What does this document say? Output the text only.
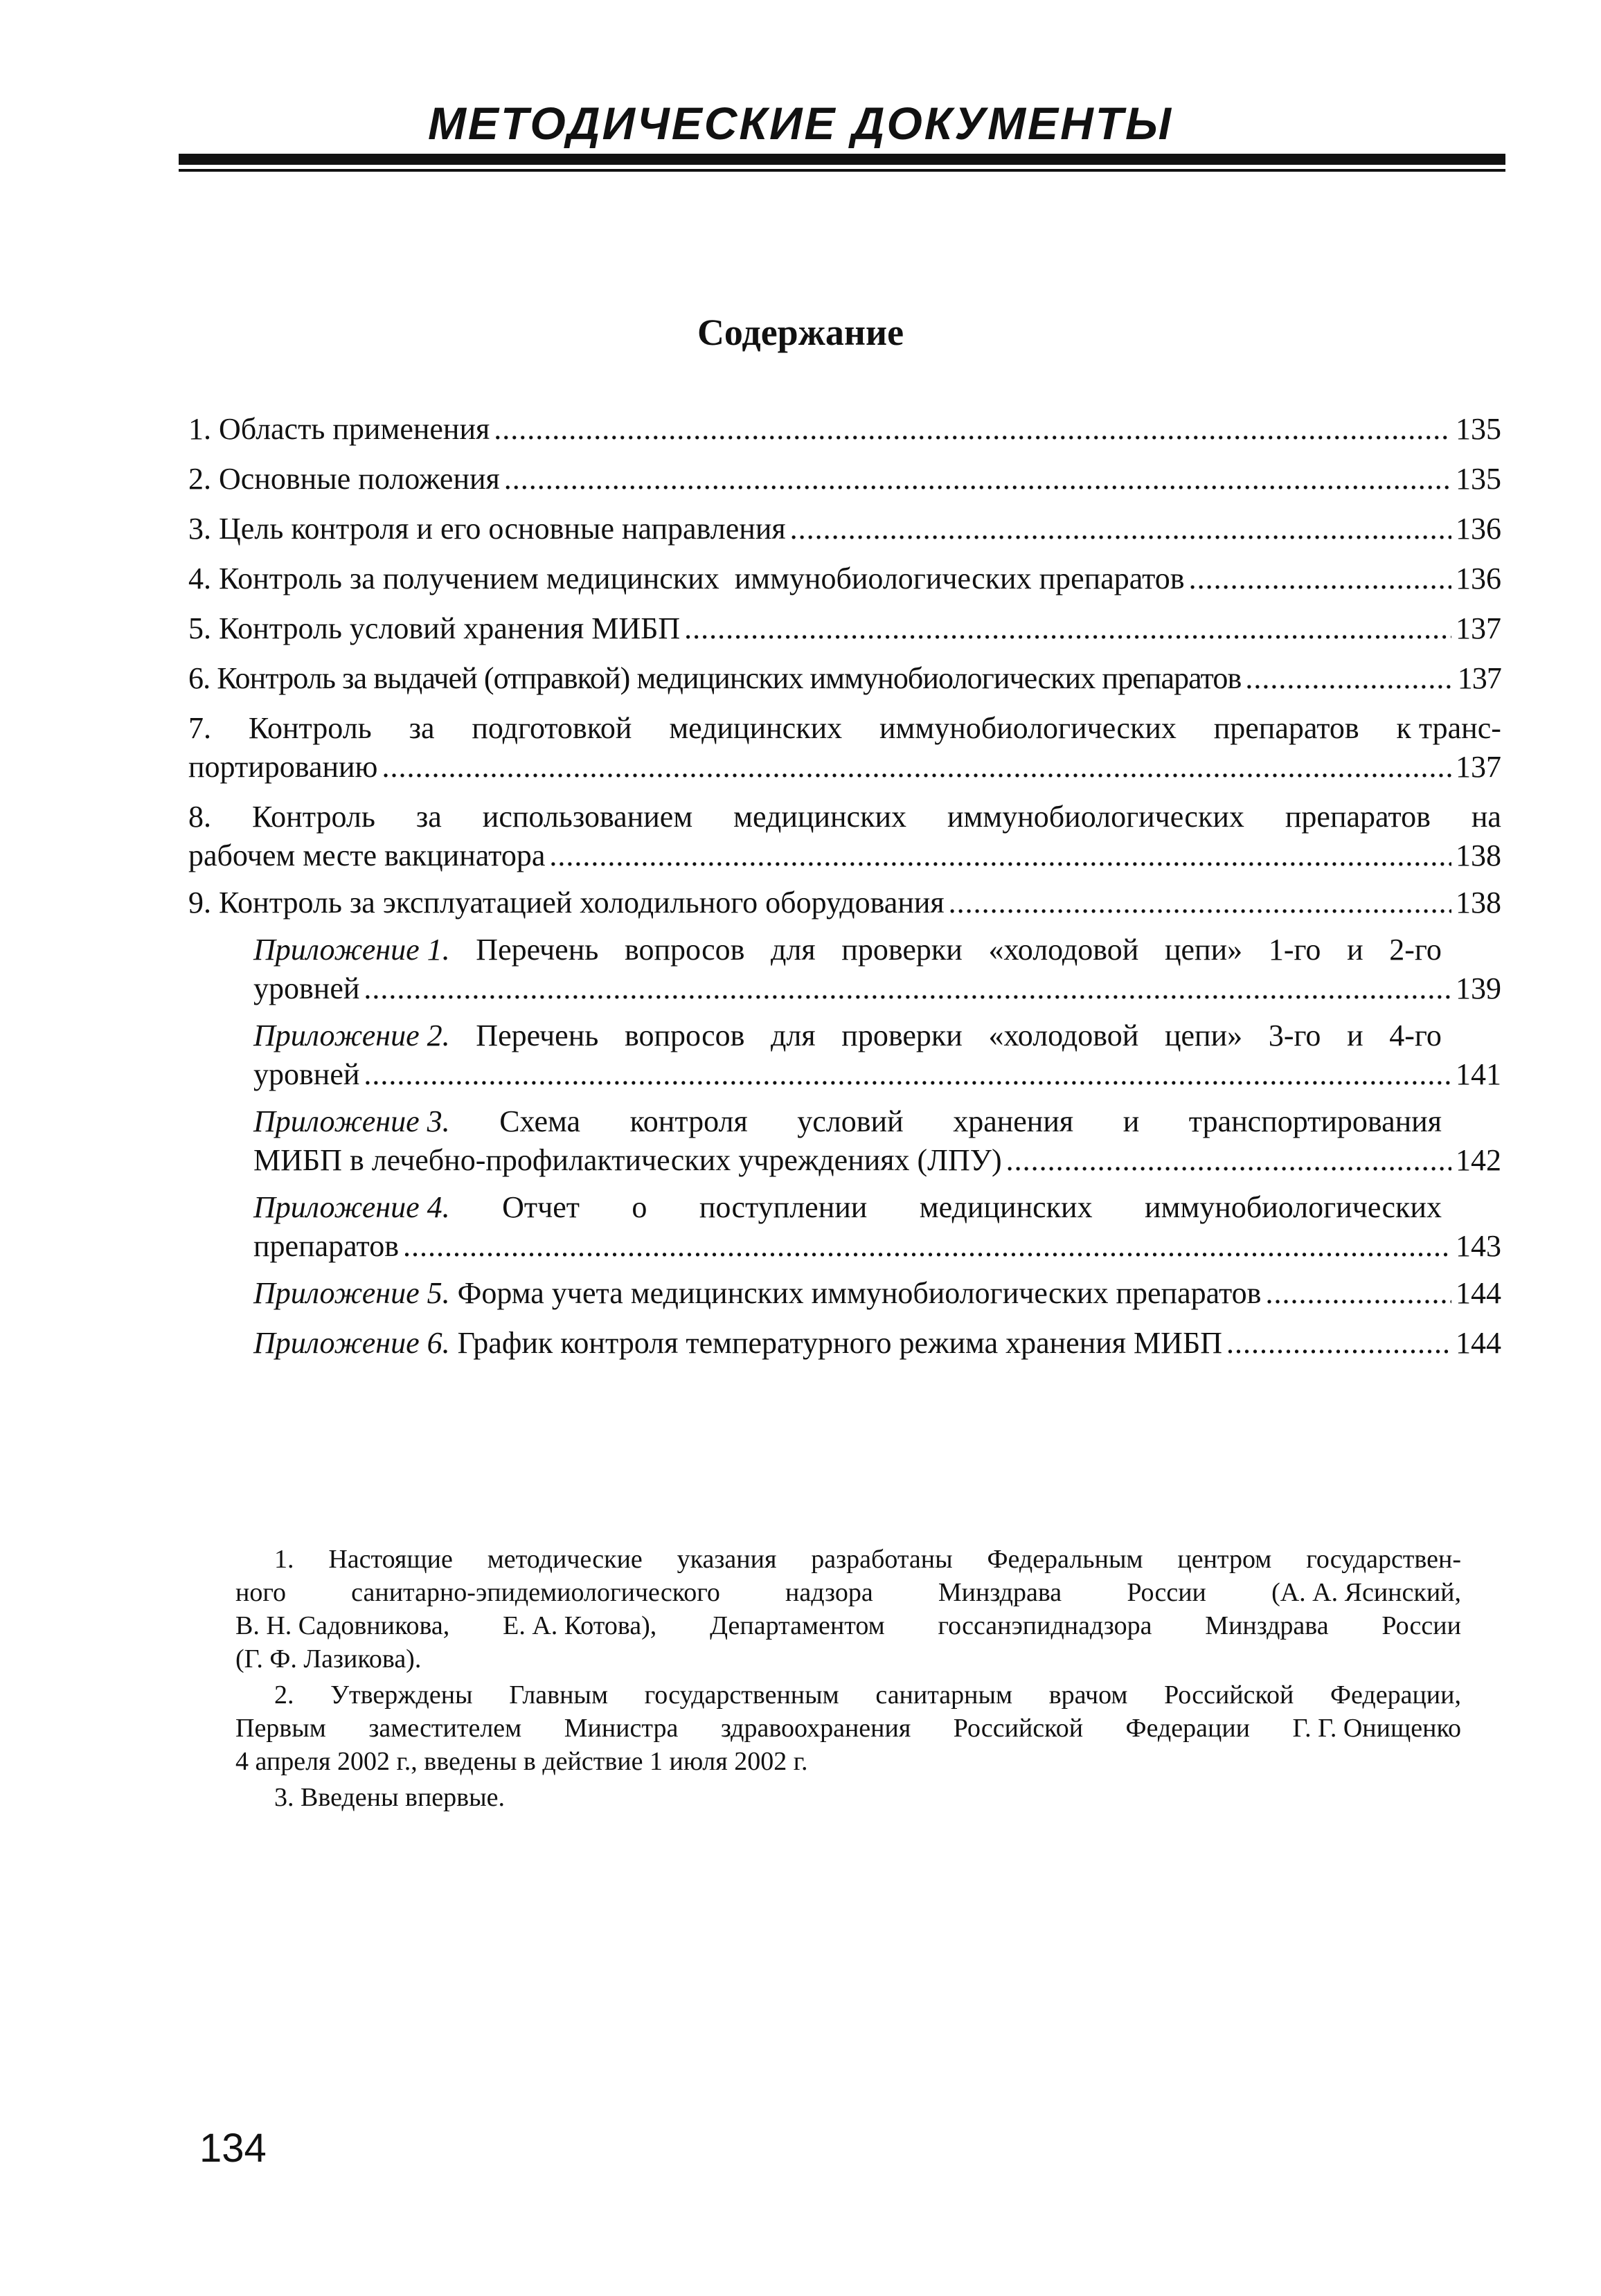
МЕТОДИЧЕСКИЕ ДОКУМЕНТЫ
Содержание
1. Область применения .....	135
2. Основные положения .....	135
3. Цель контроля и его основные направления .....	136
4. Контроль за получением медицинских  иммунобиологических препаратов .....	136
5. Контроль условий хранения МИБП .....	137
6. Контроль за выдачей (отправкой) медицинских иммунобиологических препаратов .....	137
7. Контроль за подготовкой медицинских иммунобиологических препаратов к транс-
портированию .....	137
8. Контроль за использованием медицинских иммунобиологических препаратов на
рабочем месте вакцинатора .....	138
9. Контроль за эксплуатацией холодильного оборудования .....	138
Приложение 1. Перечень вопросов для проверки «холодовой цепи» 1-го и 2-го
уровней .....	139
Приложение 2. Перечень вопросов для проверки «холодовой цепи» 3-го и 4-го
уровней .....	141
Приложение 3. Схема контроля условий хранения и транспортирования
МИБП в лечебно-профилактических учреждениях (ЛПУ) .....	142
Приложение 4. Отчет о поступлении медицинских иммунобиологических
препаратов .....	143
Приложение 5. Форма учета медицинских иммунобиологических препаратов .....	144
Приложение 6. График контроля температурного режима хранения МИБП .....	144
1. Настоящие методические указания разработаны Федеральным центром государствен-
ного санитарно-эпидемиологического надзора Минздрава России (А. А. Ясинский,
В. Н. Садовникова, Е. А. Котова), Департаментом госсанэпиднадзора Минздрава России
(Г. Ф. Лазикова).
2. Утверждены Главным государственным санитарным врачом Российской Федерации,
Первым заместителем Министра здравоохранения Российской Федерации Г. Г. Онищенко
4 апреля 2002 г., введены в действие 1 июля 2002 г.
3. Введены впервые.
134
